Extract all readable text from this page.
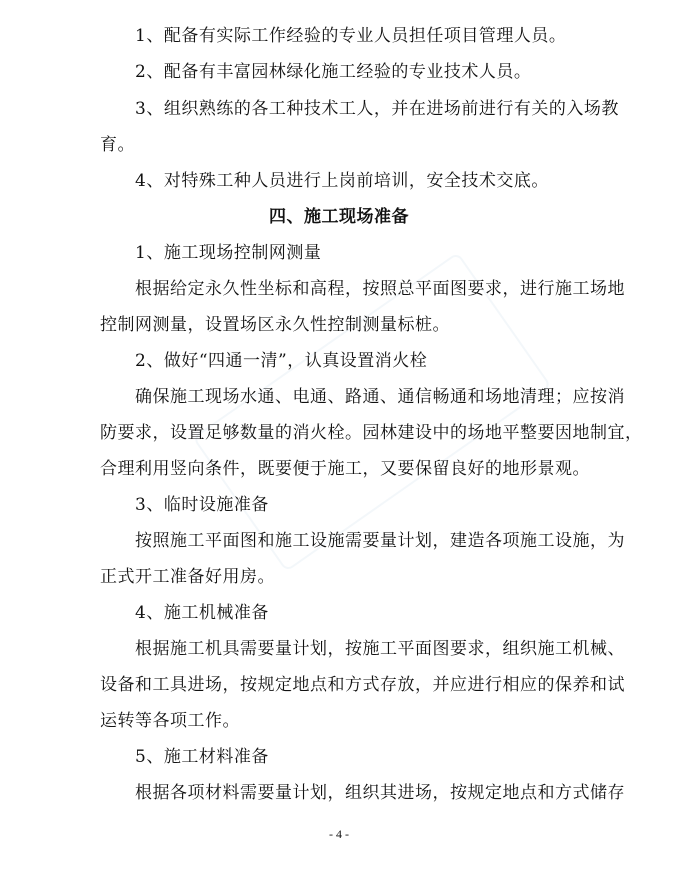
1、配备有实际工作经验的专业人员担任项目管理人员。
2、配备有丰富园林绿化施工经验的专业技术人员。
3、组织熟练的各工种技术工人，并在进场前进行有关的入场教
育。
4、对特殊工种人员进行上岗前培训，安全技术交底。
四、施工现场准备
1、施工现场控制网测量
根据给定永久性坐标和高程，按照总平面图要求，进行施工场地
控制网测量，设置场区永久性控制测量标桩。
2、做好“四通一清”，认真设置消火栓
确保施工现场水通、电通、路通、通信畅通和场地清理；应按消
防要求，设置足够数量的消火栓。园林建设中的场地平整要因地制宜，
合理利用竖向条件，既要便于施工，又要保留良好的地形景观。
3、临时设施准备
按照施工平面图和施工设施需要量计划，建造各项施工设施，为
正式开工准备好用房。
4、施工机械准备
根据施工机具需要量计划，按施工平面图要求，组织施工机械、
设备和工具进场，按规定地点和方式存放，并应进行相应的保养和试
运转等各项工作。
5、施工材料准备
根据各项材料需要量计划，组织其进场，按规定地点和方式储存
- 4 -
